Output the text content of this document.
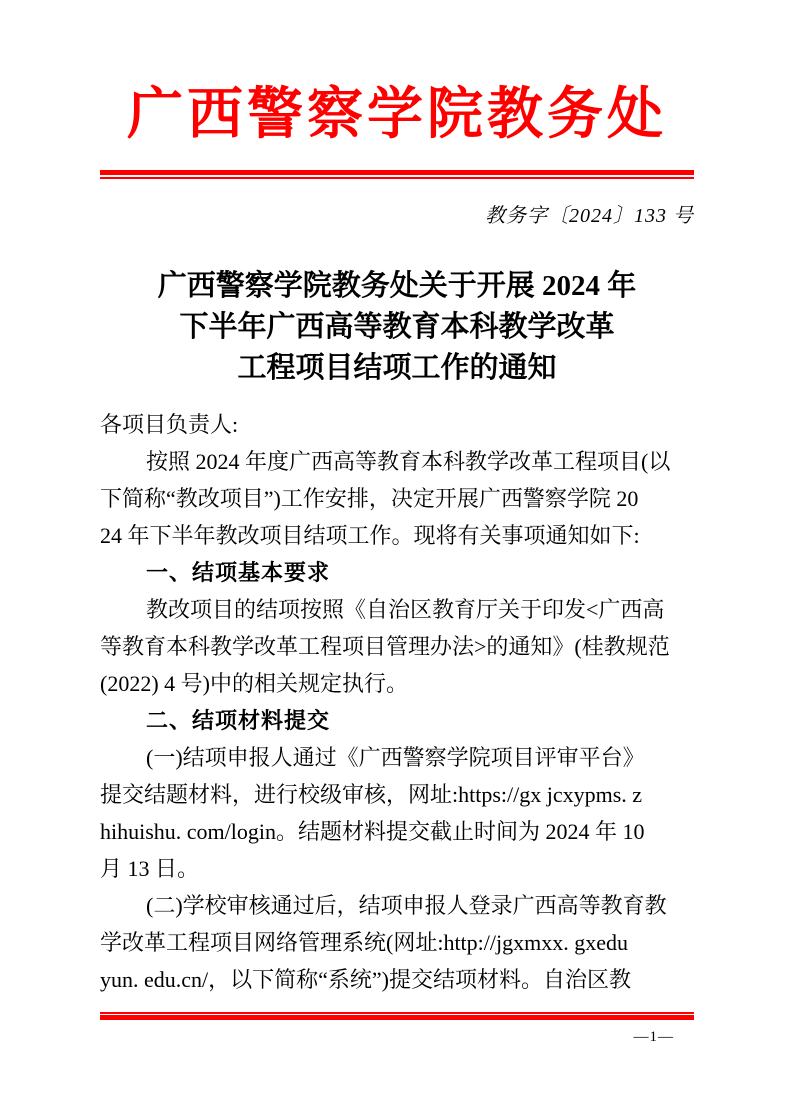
广西警察学院教务处
教务字〔2024〕133 号
广西警察学院教务处关于开展 2024 年
下半年广西高等教育本科教学改革
工程项目结项工作的通知
各项目负责人:
按照 2024 年度广西高等教育本科教学改革工程项目(以
下简称“教改项目”)工作安排，决定开展广西警察学院 20
24 年下半年教改项目结项工作。现将有关事项通知如下:
一、结项基本要求
教改项目的结项按照《自治区教育厅关于印发<广西高
等教育本科教学改革工程项目管理办法>的通知》(桂教规范
(2022) 4 号)中的相关规定执行。
二、结项材料提交
(一)结项申报人通过《广西警察学院项目评审平台》
提交结题材料，进行校级审核，网址:https://gx jcxypms. z
hihuishu. com/login。结题材料提交截止时间为 2024 年 10
月 13 日。
(二)学校审核通过后，结项申报人登录广西高等教育教
学改革工程项目网络管理系统(网址:http://jgxmxx. gxedu
yun. edu.cn/，以下简称“系统”)提交结项材料。自治区教
—1—
